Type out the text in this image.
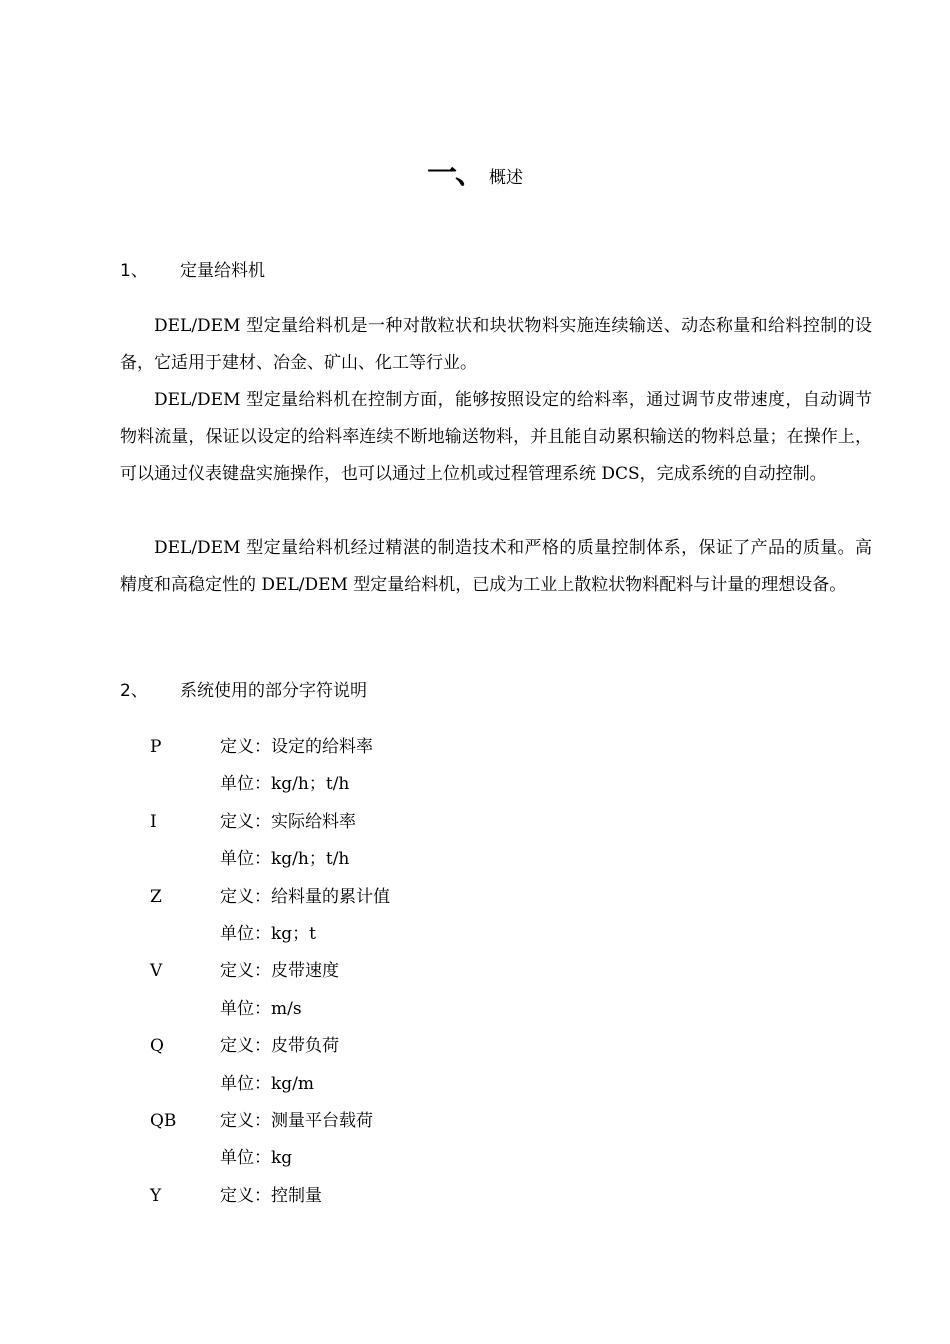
一、 概述
1、 定量给料机

DEL/DEM 型定量给料机是一种对散粒状和块状物料实施连续输送、动态称量和给料控制的设备，它适用于建材、冶金、矿山、化工等行业。

DEL/DEM 型定量给料机在控制方面，能够按照设定的给料率，通过调节皮带速度，自动调节物料流量，保证以设定的给料率连续不断地输送物料，并且能自动累积输送的物料总量；在操作上，可以通过仪表键盘实施操作，也可以通过上位机或过程管理系统 DCS，完成系统的自动控制。

DEL/DEM 型定量给料机经过精湛的制造技术和严格的质量控制体系，保证了产品的质量。高精度和高稳定性的 DEL/DEM 型定量给料机，已成为工业上散粒状物料配料与计量的理想设备。

2、 系统使用的部分字符说明
P	定义：设定的给料率
单位：kg/h；t/h
I	定义：实际给料率
单位：kg/h；t/h
Z	定义：给料量的累计值
单位：kg；t
V	定义：皮带速度
单位：m/s
Q	定义：皮带负荷
单位：kg/m
QB	定义：测量平台载荷
单位：kg
Y	定义：控制量
